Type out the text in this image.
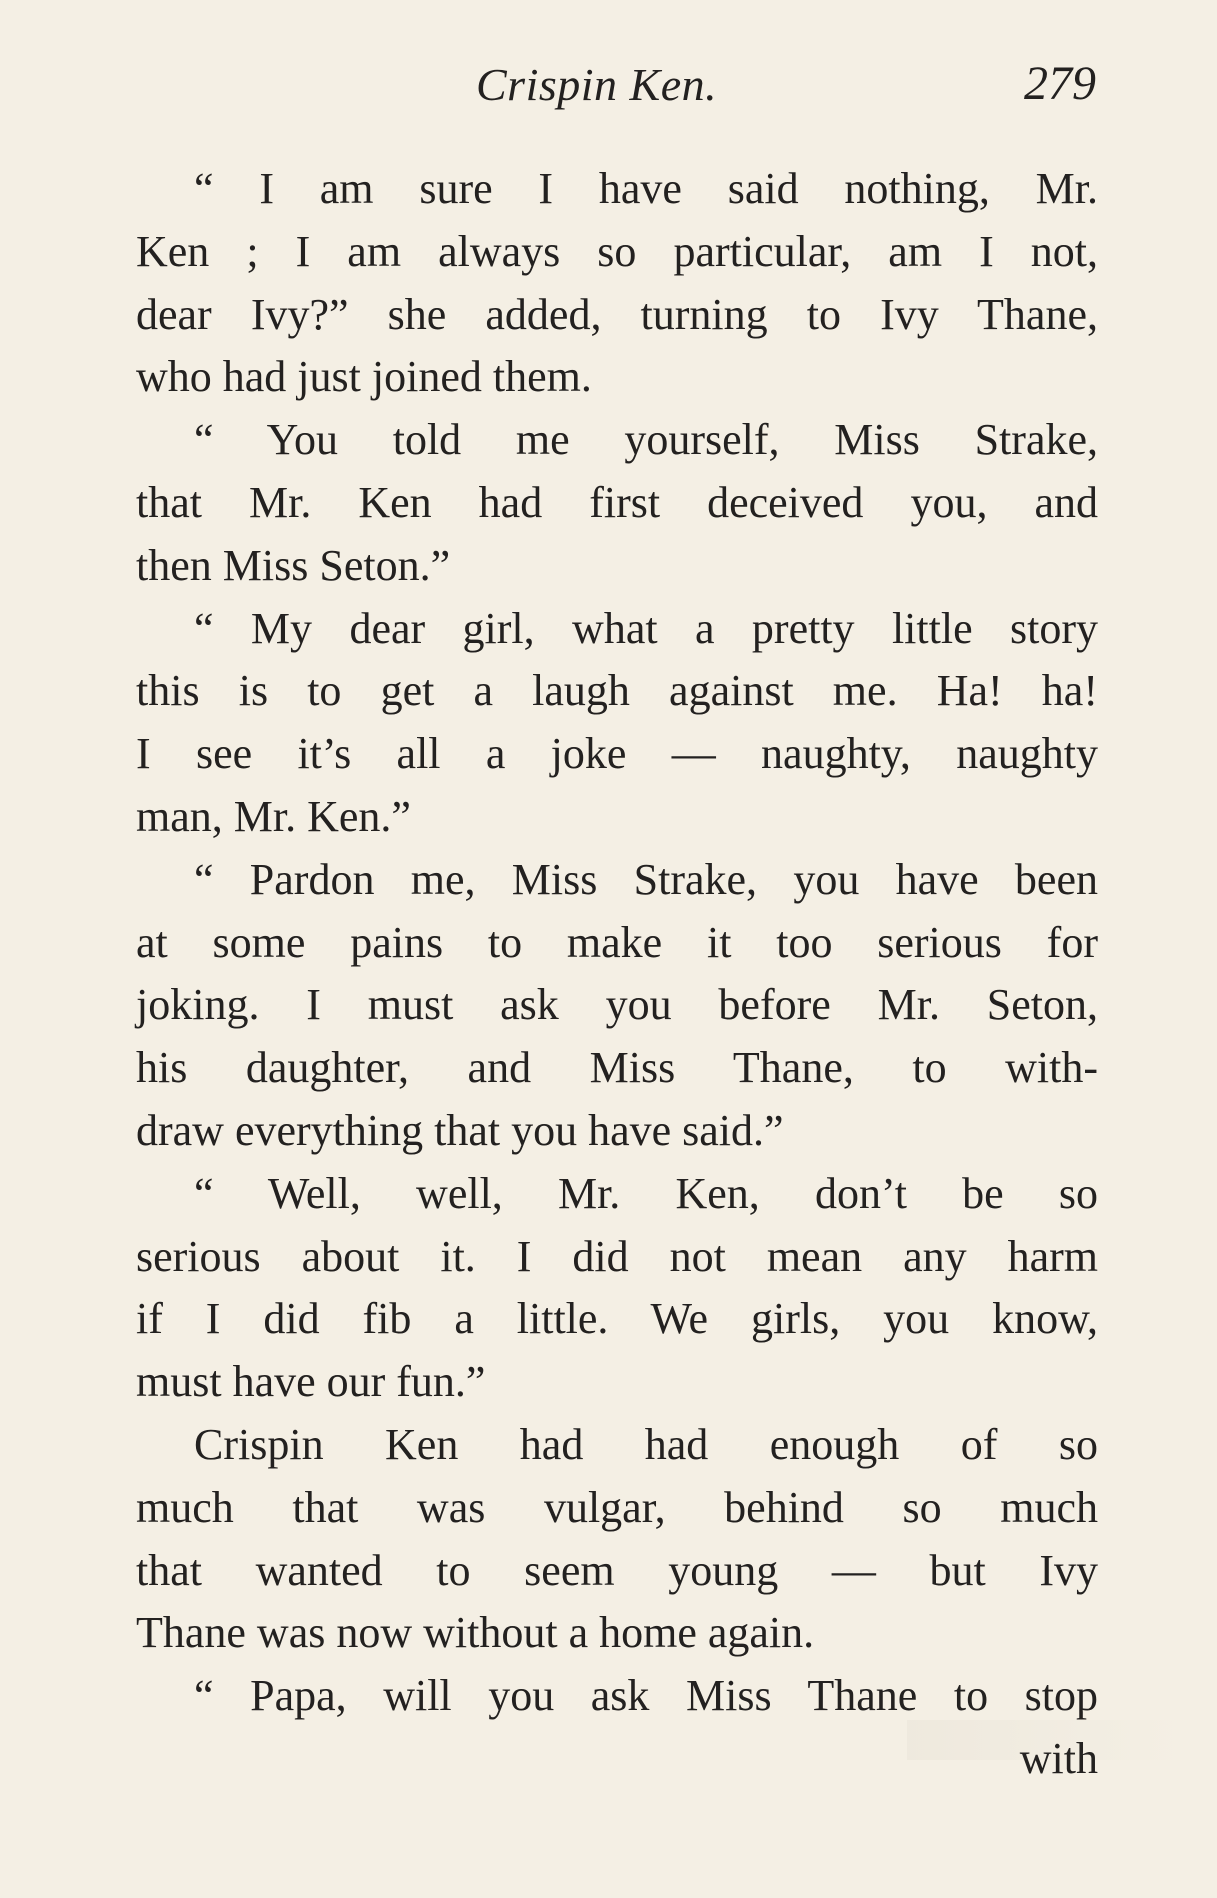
Crispin Ken.	279
“ I am sure I have said nothing, Mr.
Ken ; I am always so particular, am I not,
dear Ivy?” she added, turning to Ivy Thane,
who had just joined them.
“ You told me yourself, Miss Strake,
that Mr. Ken had first deceived you, and
then Miss Seton.”
“ My dear girl, what a pretty little story
this is to get a laugh against me. Ha! ha!
I see it’s all a joke — naughty, naughty
man, Mr. Ken.”
“ Pardon me, Miss Strake, you have been
at some pains to make it too serious for
joking. I must ask you before Mr. Seton,
his daughter, and Miss Thane, to with-
draw everything that you have said.”
“ Well, well, Mr. Ken, don’t be so
serious about it. I did not mean any harm
if I did fib a little. We girls, you know,
must have our fun.”
Crispin Ken had had enough of so
much that was vulgar, behind so much
that wanted to seem young — but Ivy
Thane was now without a home again.
“ Papa, will you ask Miss Thane to stop
with
